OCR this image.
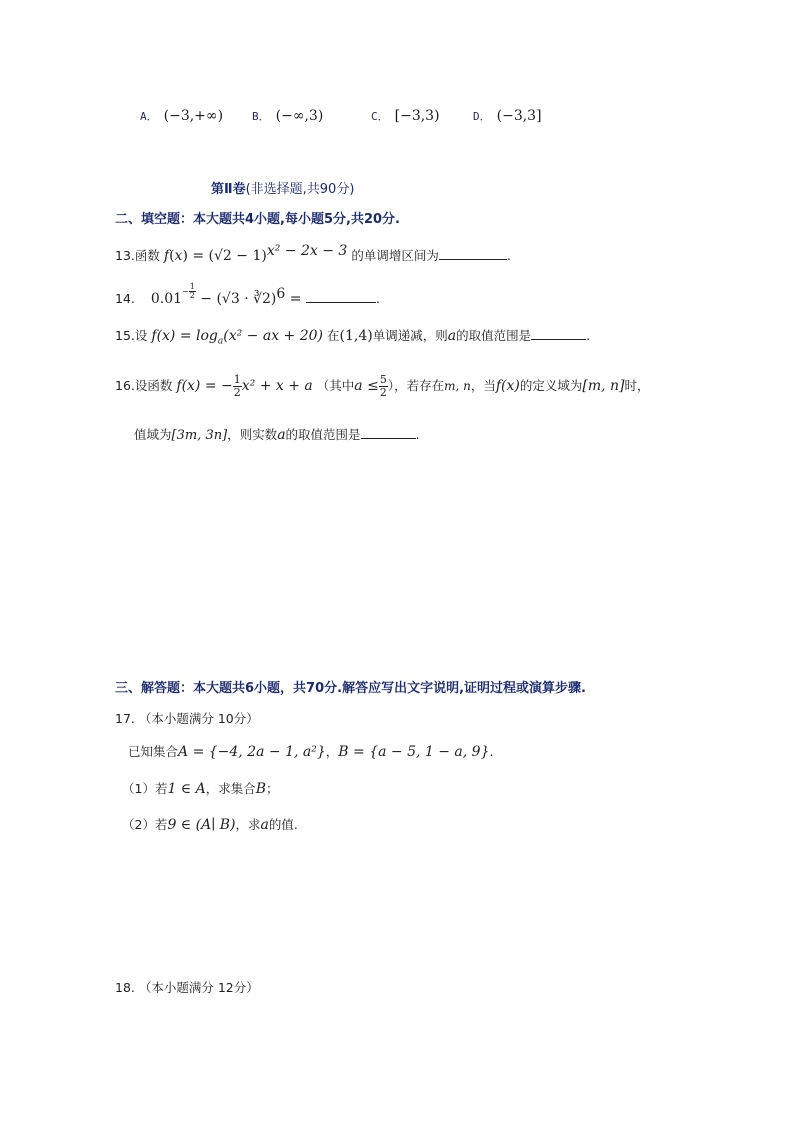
A． (−3,+∞)	B． (−∞,3)	C． [−3,3)	D． (−3,3]
第Ⅱ卷(非选择题,共90分)
二、填空题：本大题共4小题,每小题5分,共20分.
13.函数 $f(x) = (√2 - 1)^{x^2 - 2x - 3}$ 的单调增区间为	.
14. $0.01^{- \frac{1}{2}} - (√3$ · ∛2)$^6$ =	.
15.设 $f(x) = \log_a(x^2$ − ax + 20) 在(1,4)单调递减，则a的取值范围是	.
16.设函数 f(x) = − $\frac{1}{2} x^2 + x + a$ （其中$a \le \frac{5}{2}$ ），若存在m, n，当f(x)的定义域为[m, n]时，
值域为[3m, 3n]，则实数a的取值范围是	.
三、解答题：本大题共6小题，共70分.解答应写出文字说明,证明过程或演算步骤.
17. （本小题满分 10分）
已知集合A = {−4, 2a − 1, a²}，B = {a − 5, 1 − a, 9}.
（1）若1 ∈ A，求集合B；
（2）若9 ∈ (A∣ B)，求a的值.
18. （本小题满分 12分）
